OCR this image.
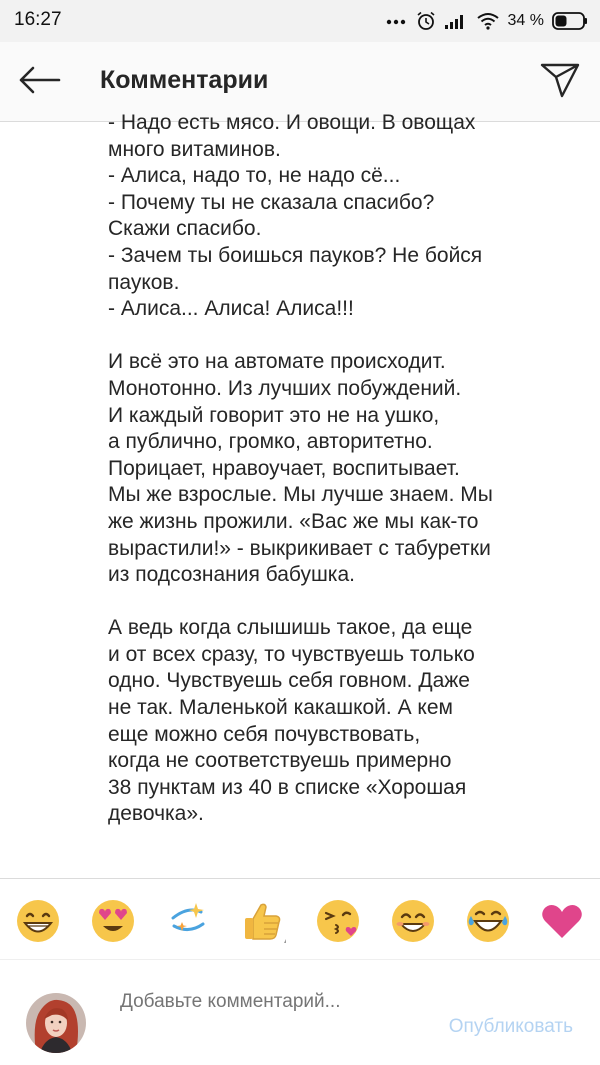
16:27	34 %
Комментарии
- Надо есть мясо. И овощи. В овощах
много витаминов.
- Алиса, надо то, не надо сё...
- Почему ты не сказала спасибо?
Скажи спасибо.
- Зачем ты боишься пауков? Не бойся
пауков.
- Алиса... Алиса! Алиса!!!
И всё это на автомате происходит.
Монотонно. Из лучших побуждений.
И каждый говорит это не на ушко,
а публично, громко, авторитетно.
Порицает, нравоучает, воспитывает.
Мы же взрослые. Мы лучше знаем. Мы
же жизнь прожили. «Вас же мы как-то
вырастили!» - выкрикивает с табуретки
из подсознания бабушка.
А ведь когда слышишь такое, да еще
и от всех сразу, то чувствуешь только
одно. Чувствуешь себя говном. Даже
не так. Маленькой какашкой. А кем
еще можно себя почувствовать,
когда не соответствуешь примерно
38 пунктам из 40 в списке «Хорошая
девочка».
Добавьте комментарий...
Опубликовать
